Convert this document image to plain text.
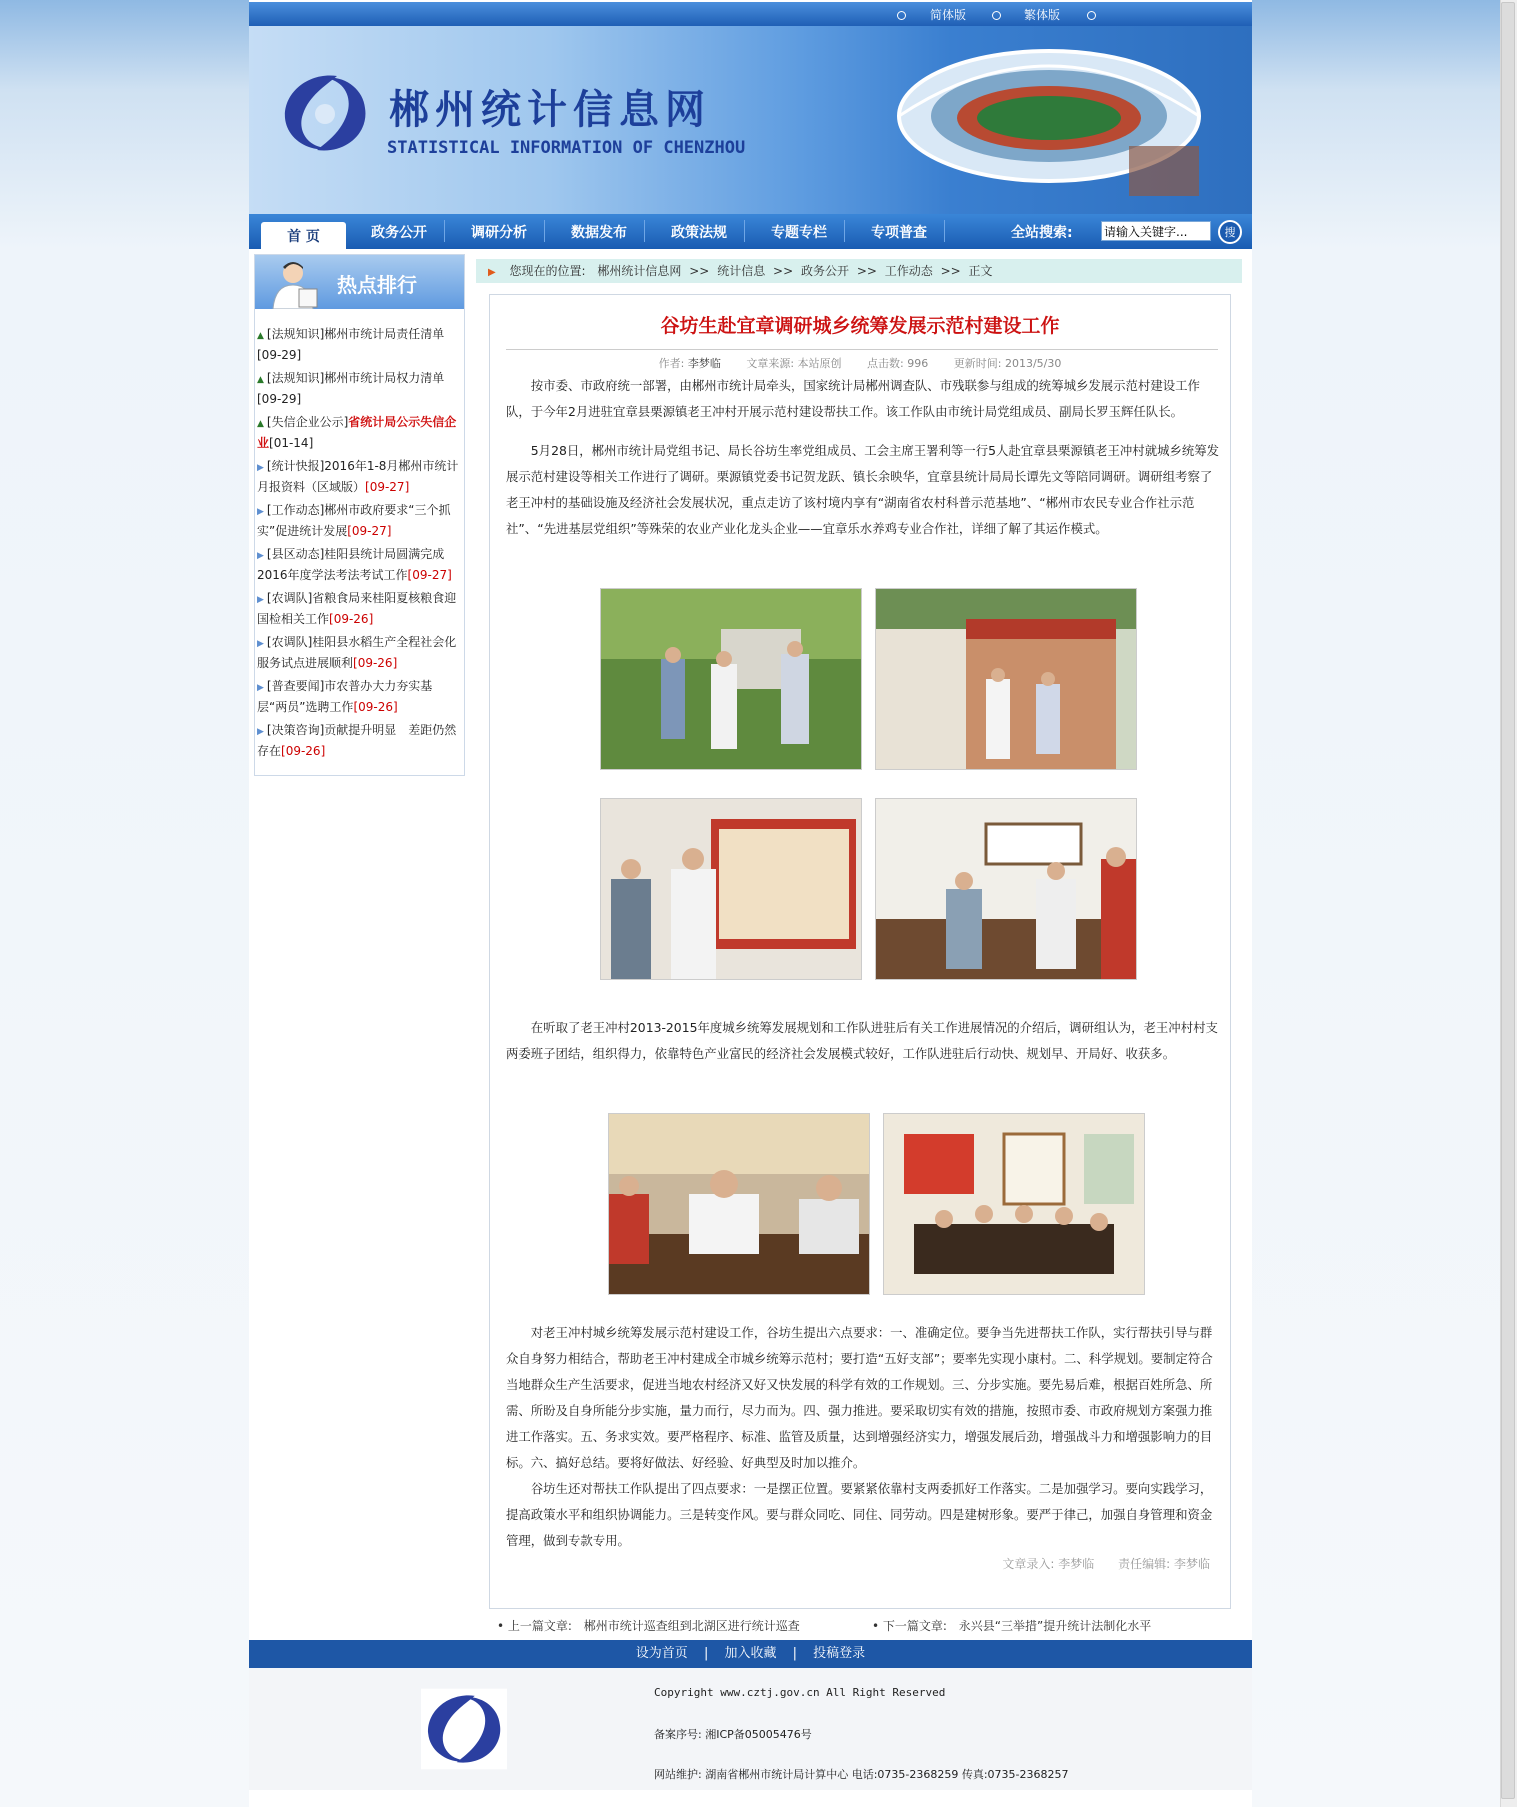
简体版	繁体版
郴州统计信息网
STATISTICAL INFORMATION OF CHENZHOU
首 页	政务公开	调研分析	数据发布	政策法规	专题专栏	专项普查	全站搜索:
请输入关键字...	搜
热点排行
▲ [法规知识]郴州市统计局责任清单
[09-29]
▲ [法规知识]郴州市统计局权力清单
[09-29]
▲ [失信企业公示]省统计局公示失信企业[01-14]
▶ [统计快报]2016年1-8月郴州市统计月报资料（区域版）[09-27]
▶ [工作动态]郴州市政府要求“三个抓实”促进统计发展[09-27]
▶ [县区动态]桂阳县统计局圆满完成2016年度学法考法考试工作[09-27]
▶ [农调队]省粮食局来桂阳夏核粮食迎国检相关工作[09-26]
▶ [农调队]桂阳县水稻生产全程社会化服务试点进展顺利[09-26]
▶ [普查要闻]市农普办大力夯实基层“两员”选聘工作[09-26]
▶ [决策咨询]贡献提升明显　差距仍然存在[09-26]
▶ 您现在的位置: 郴州统计信息网 >> 统计信息 >> 政务公开 >> 工作动态 >> 正文
谷坊生赴宜章调研城乡统筹发展示范村建设工作
作者: 李梦临 文章来源: 本站原创 点击数: 996 更新时间: 2013/5/30

按市委、市政府统一部署，由郴州市统计局牵头，国家统计局郴州调查队、市残联参与组成的统筹城乡发展示范村建设工作队，于今年2月进驻宜章县栗源镇老王冲村开展示范村建设帮扶工作。该工作队由市统计局党组成员、副局长罗玉辉任队长。

5月28日，郴州市统计局党组书记、局长谷坊生率党组成员、工会主席王署利等一行5人赴宜章县栗源镇老王冲村就城乡统筹发展示范村建设等相关工作进行了调研。栗源镇党委书记贺龙跃、镇长余映华，宜章县统计局局长谭先文等陪同调研。调研组考察了老王冲村的基础设施及经济社会发展状况，重点走访了该村境内享有“湖南省农村科普示范基地”、“郴州市农民专业合作社示范社”、“先进基层党组织”等殊荣的农业产业化龙头企业——宜章乐水养鸡专业合作社，详细了解了其运作模式。

在听取了老王冲村2013-2015年度城乡统筹发展规划和工作队进驻后有关工作进展情况的介绍后，调研组认为，老王冲村村支两委班子团结，组织得力，依靠特色产业富民的经济社会发展模式较好，工作队进驻后行动快、规划早、开局好、收获多。

对老王冲村城乡统筹发展示范村建设工作，谷坊生提出六点要求：一、准确定位。要争当先进帮扶工作队，实行帮扶引导与群众自身努力相结合，帮助老王冲村建成全市城乡统筹示范村；要打造“五好支部”；要率先实现小康村。二、科学规划。要制定符合当地群众生产生活要求，促进当地农村经济又好又快发展的科学有效的工作规划。三、分步实施。要先易后难，根据百姓所急、所需、所盼及自身所能分步实施，量力而行，尽力而为。四、强力推进。要采取切实有效的措施，按照市委、市政府规划方案强力推进工作落实。五、务求实效。要严格程序、标准、监管及质量，达到增强经济实力，增强发展后劲，增强战斗力和增强影响力的目标。六、搞好总结。要将好做法、好经验、好典型及时加以推介。

谷坊生还对帮扶工作队提出了四点要求：一是摆正位置。要紧紧依靠村支两委抓好工作落实。二是加强学习。要向实践学习，提高政策水平和组织协调能力。三是转变作风。要与群众同吃、同住、同劳动。四是建树形象。要严于律己，加强自身管理和资金管理，做到专款专用。

文章录入: 李梦临 责任编辑: 李梦临
• 上一篇文章: 郴州市统计巡查组到北湖区进行统计巡查	• 下一篇文章: 永兴县“三举措”提升统计法制化水平
设为首页 | 加入收藏 | 投稿登录
Copyright www.cztj.gov.cn All Right Reserved
备案序号: 湘ICP备05005476号
网站维护: 湖南省郴州市统计局计算中心 电话:0735-2368259 传真:0735-2368257
